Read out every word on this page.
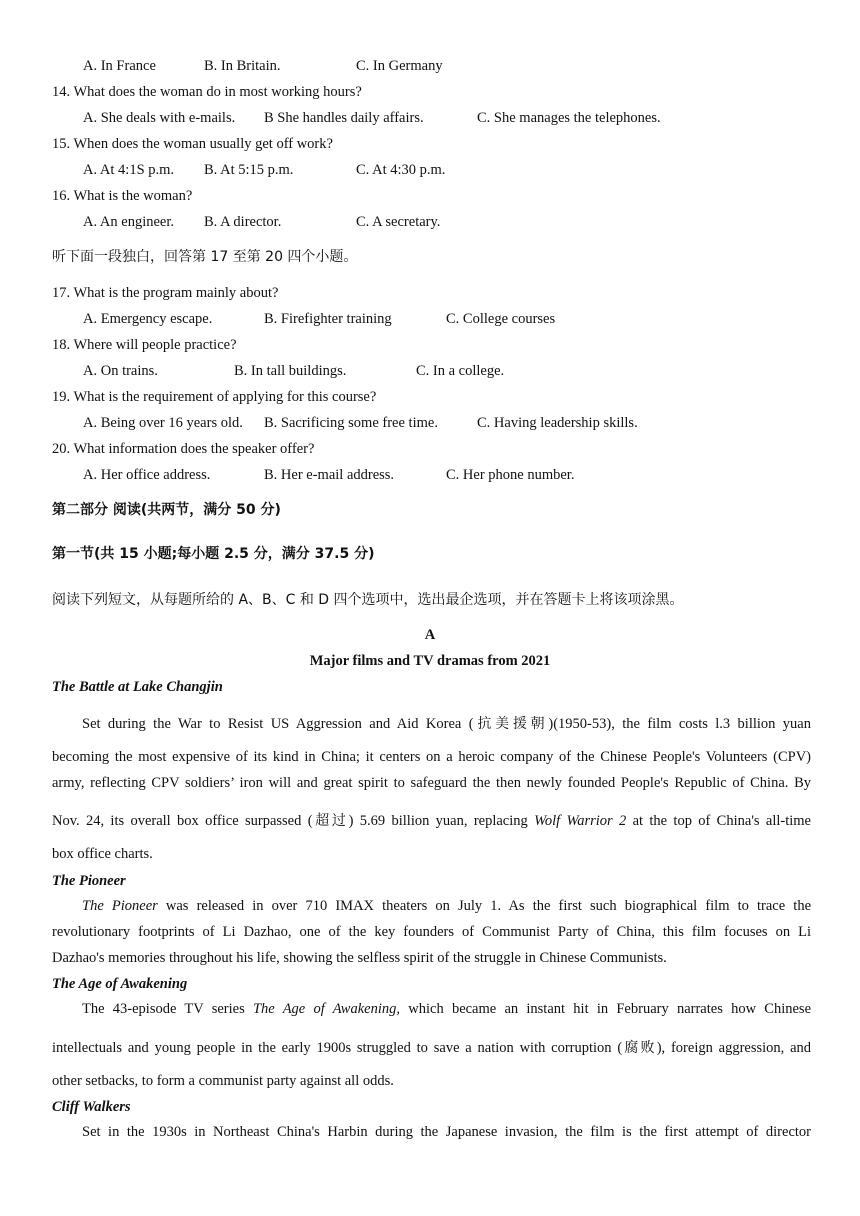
A. In France	B. In Britain.	C. In Germany
14. What does the woman do in most working hours?
A. She deals with e-mails. B She handles daily affairs.	C. She manages the telephones.
15. When does the woman usually get off work?
A. At 4:1S p.m. B. At 5:15 p.m.	C. At 4:30 p.m.
16. What is the woman?
A. An engineer. B. A director.	C. A secretary.
听下面一段独白，回答第 17 至第 20 四个小题。
17. What is the program mainly about?
A. Emergency escape.	B. Firefighter training	C. College courses
18. Where will people practice?
A. On trains.	B. In tall buildings.	C. In a college.
19. What is the requirement of applying for this course?
A. Being over 16 years old. B. Sacrificing some free time.	C. Having leadership skills.
20. What information does the speaker offer?
A. Her office address.	B. Her e-mail address.	C. Her phone number.
第二部分 阅读(共两节，满分 50 分)
第一节(共 15 小题;每小题 2.5 分，满分 37.5 分)
阅读下列短文，从每题所给的 A、B、C 和 D 四个选项中，选出最企选项，并在答题卡上将该项涂黑。
A
Major films and TV dramas from 2021
The Battle at Lake Changjin
Set during the War to Resist US Aggression and Aid Korea (抗美援朝)(1950-53), the film costs l.3 billion yuan
becoming the most expensive of its kind in China; it centers on a heroic company of the Chinese People's Volunteers (CPV)
army, reflecting CPV soldiers’ iron will and great spirit to safeguard the then newly founded People's Republic of China. By
Nov. 24, its overall box office surpassed (超过) 5.69 billion yuan, replacing Wolf Warrior 2 at the top of China's all-time
box office charts.
The Pioneer
The Pioneer was released in over 710 IMAX theaters on July 1. As the first such biographical film to trace the
revolutionary footprints of Li Dazhao, one of the key founders of Communist Party of China, this film focuses on Li
Dazhao's memories throughout his life, showing the selfless spirit of the struggle in Chinese Communists.
The Age of Awakening
The 43-episode TV series The Age of Awakening, which became an instant hit in February narrates how Chinese
intellectuals and young people in the early 1900s struggled to save a nation with corruption (腐败), foreign aggression, and
other setbacks, to form a communist party against all odds.
Cliff Walkers
Set in the 1930s in Northeast China's Harbin during the Japanese invasion, the film is the first attempt of director
